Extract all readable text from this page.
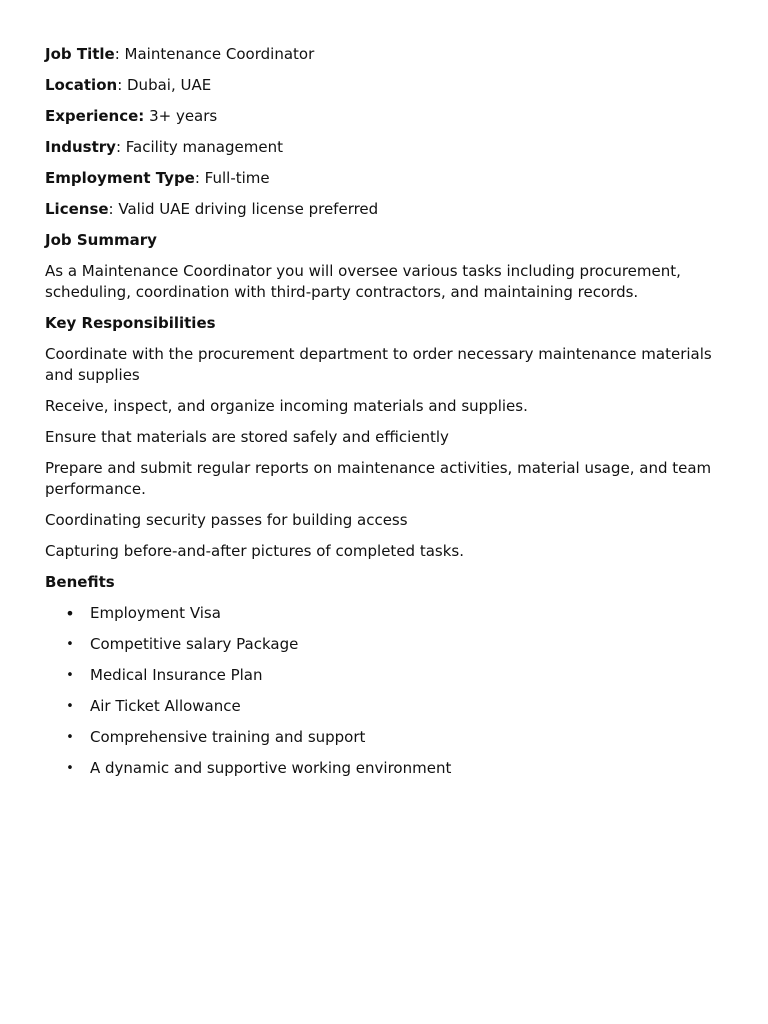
Job Title: Maintenance Coordinator

Location: Dubai, UAE

Experience: 3+ years

Industry: Facility management

Employment Type: Full-time

License: Valid UAE driving license preferred

Job Summary

As a Maintenance Coordinator you will oversee various tasks including procurement, scheduling, coordination with third-party contractors, and maintaining records.

Key Responsibilities

Coordinate with the procurement department to order necessary maintenance materials and supplies

Receive, inspect, and organize incoming materials and supplies.

Ensure that materials are stored safely and efficiently

Prepare and submit regular reports on maintenance activities, material usage, and team performance.

Coordinating security passes for building access

Capturing before-and-after pictures of completed tasks.

Benefits

• Employment Visa
• Competitive salary Package
• Medical Insurance Plan
• Air Ticket Allowance
• Comprehensive training and support
• A dynamic and supportive working environment
